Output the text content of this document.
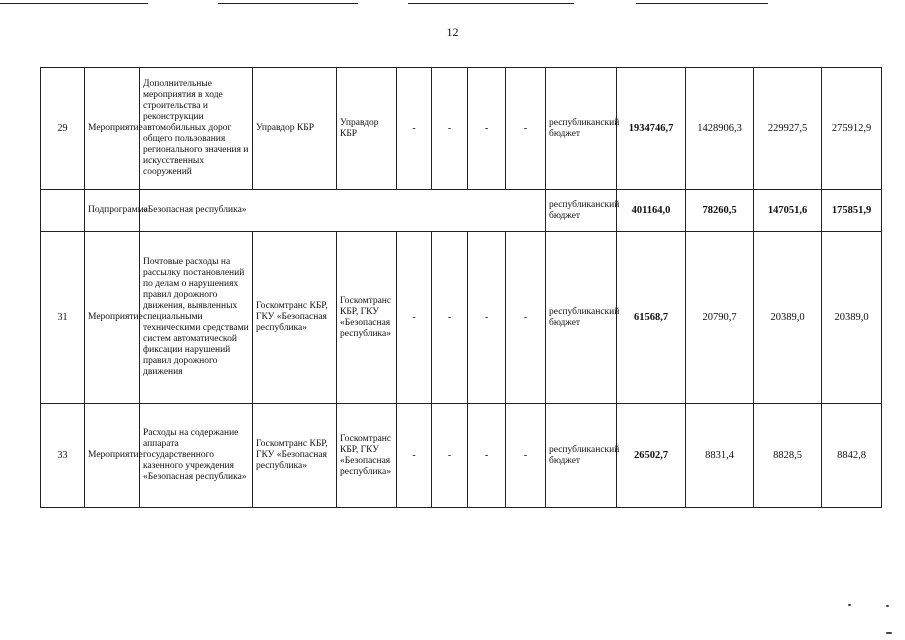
12
29	Мероприятие	Дополнительные мероприятия в ходе строительства и реконструкции автомобильных дорог общего пользования регионального значения и искусственных сооружений	Управдор КБР	Управдор КБР	-	-	-	-	республиканский бюджет	1934746,7	1428906,3	229927,5	275912,9
	Подпрограмма	«Безопасная республика»							республиканский бюджет	401164,0	78260,5	147051,6	175851,9
31	Мероприятие	Почтовые расходы на рассылку постановлений по делам о нарушениях правил дорожного движения, выявленных специальными техническими средствами систем автоматической фиксации нарушений правил дорожного движения	Госкомтранс КБР, ГКУ «Безопасная республика»	Госкомтранс КБР, ГКУ «Безопасная республика»	-	-	-	-	республиканский бюджет	61568,7	20790,7	20389,0	20389,0
33	Мероприятие	Расходы на содержание аппарата государственного казенного учреждения «Безопасная республика»	Госкомтранс КБР, ГКУ «Безопасная республика»	Госкомтранс КБР, ГКУ «Безопасная республика»	-	-	-	-	республиканский бюджет	26502,7	8831,4	8828,5	8842,8
